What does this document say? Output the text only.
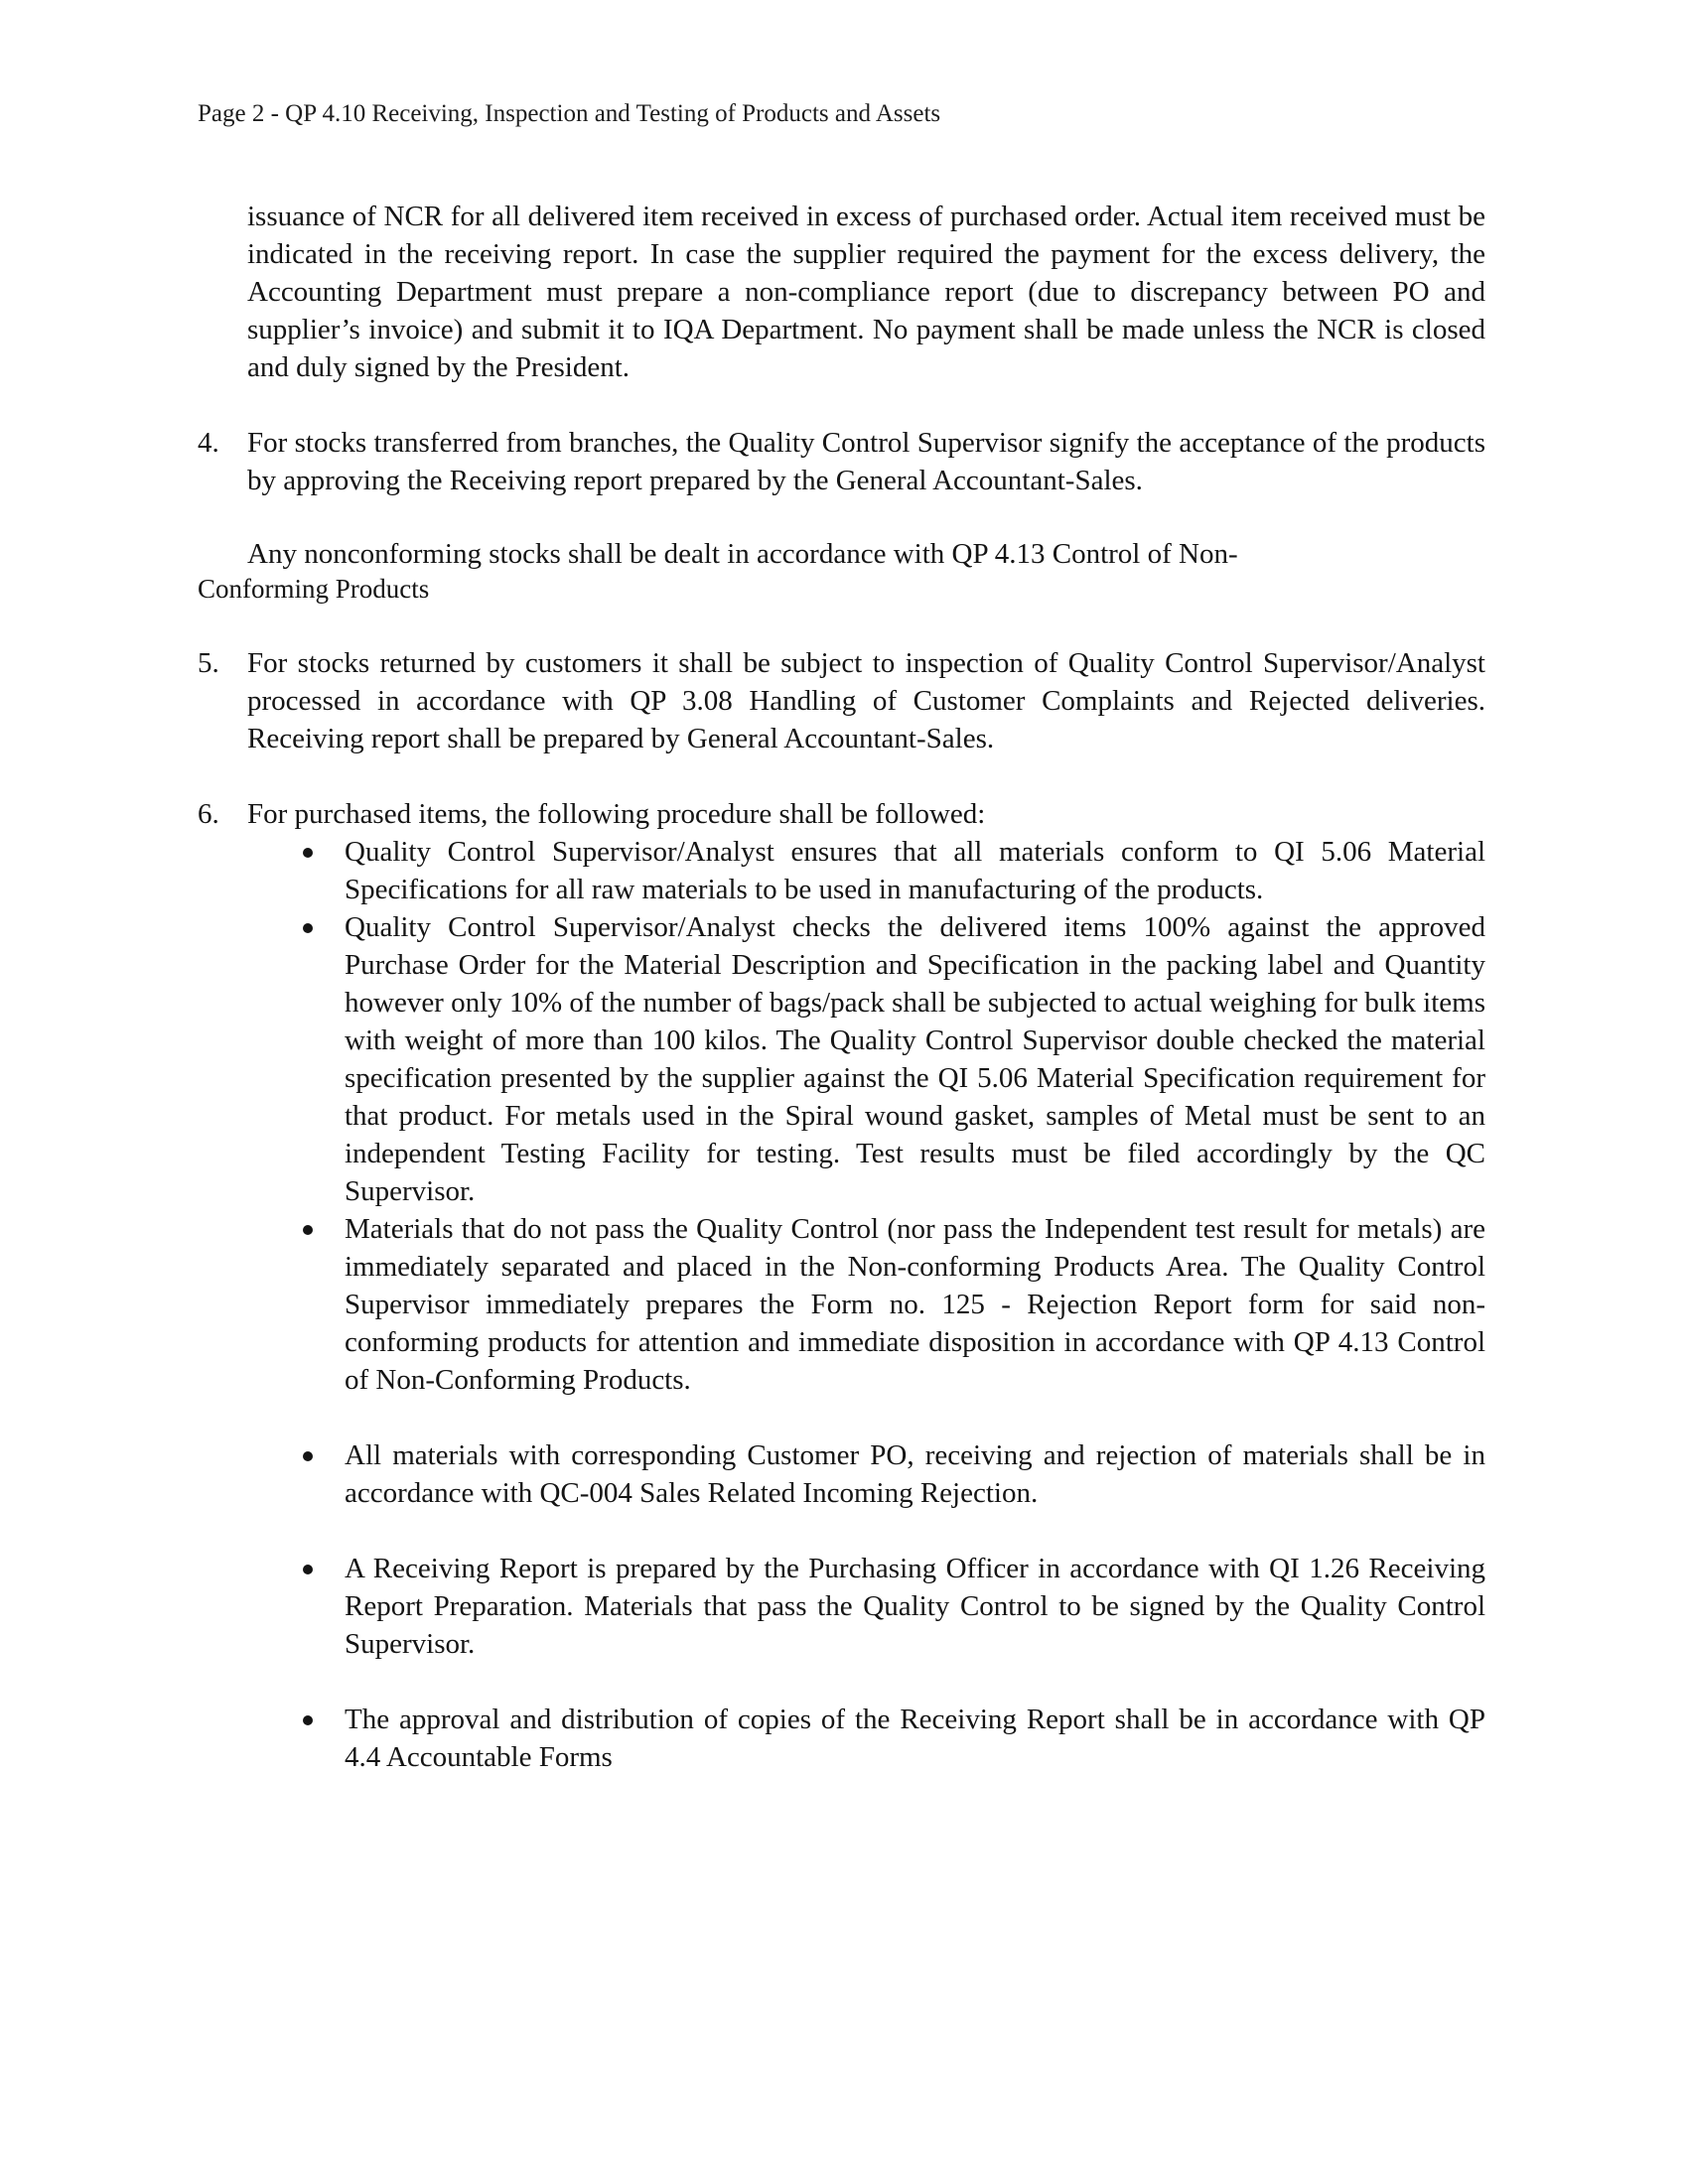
Page 2 - QP 4.10 Receiving, Inspection and Testing of Products and Assets

issuance of NCR for all delivered item received in excess of purchased order. Actual item received must be indicated in the receiving report. In case the supplier required the payment for the excess delivery, the Accounting Department must prepare a non-compliance report (due to discrepancy between PO and supplier’s invoice) and submit it to IQA Department. No payment shall be made unless the NCR is closed and duly signed by the President.

4. For stocks transferred from branches, the Quality Control Supervisor signify the acceptance of the products by approving the Receiving report prepared by the General Accountant-Sales.

Any nonconforming stocks shall be dealt in accordance with QP 4.13 Control of Non-
Conforming Products

5. For stocks returned by customers it shall be subject to inspection of Quality Control Supervisor/Analyst processed in accordance with QP 3.08 Handling of Customer Complaints and Rejected deliveries. Receiving report shall be prepared by General Accountant-Sales.
6. For purchased items, the following procedure shall be followed:
Quality Control Supervisor/Analyst ensures that all materials conform to QI 5.06 Material Specifications for all raw materials to be used in manufacturing of the products.
Quality Control Supervisor/Analyst checks the delivered items 100% against the approved Purchase Order for the Material Description and Specification in the packing label and Quantity however only 10% of the number of bags/pack shall be subjected to actual weighing for bulk items with weight of more than 100 kilos. The Quality Control Supervisor double checked the material specification presented by the supplier against the QI 5.06 Material Specification requirement for that product. For metals used in the Spiral wound gasket, samples of Metal must be sent to an independent Testing Facility for testing. Test results must be filed accordingly by the QC Supervisor.
Materials that do not pass the Quality Control (nor pass the Independent test result for metals) are immediately separated and placed in the Non-conforming Products Area. The Quality Control Supervisor immediately prepares the Form no. 125 - Rejection Report form for said non-conforming products for attention and immediate disposition in accordance with QP 4.13 Control of Non-Conforming Products.
All materials with corresponding Customer PO, receiving and rejection of materials shall be in accordance with QC-004 Sales Related Incoming Rejection.
A Receiving Report is prepared by the Purchasing Officer in accordance with QI 1.26 Receiving Report Preparation. Materials that pass the Quality Control to be signed by the Quality Control Supervisor.
The approval and distribution of copies of the Receiving Report shall be in accordance with QP 4.4 Accountable Forms
